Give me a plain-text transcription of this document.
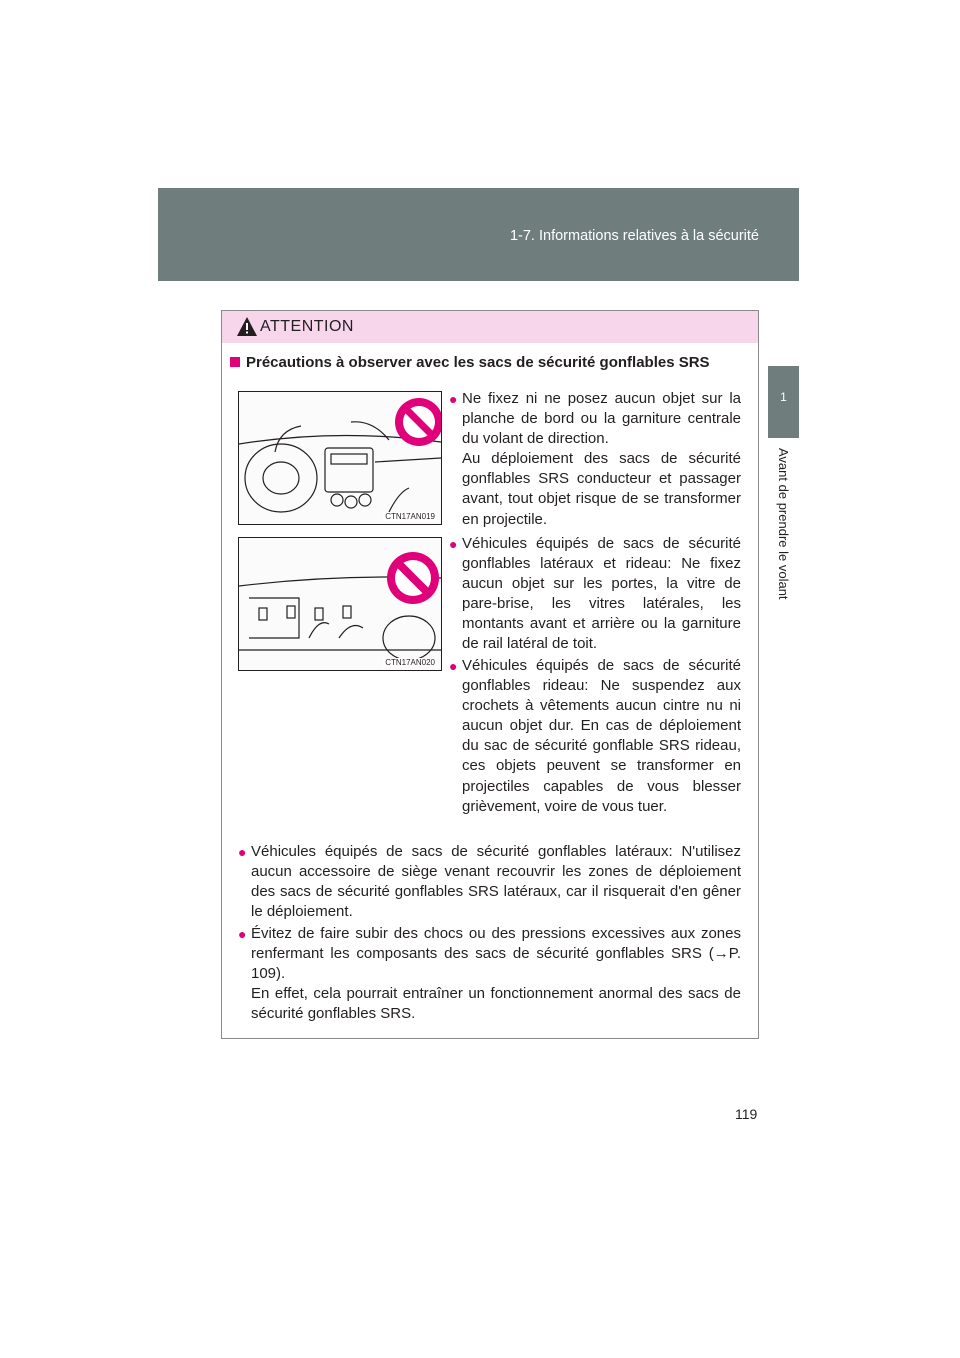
1-7. Informations relatives à la sécurité
1
Avant de prendre le volant
ATTENTION
Précautions à observer avec les sacs de sécurité gonflables SRS
CTN17AN019
CTN17AN020
● Ne fixez ni ne posez aucun objet sur la planche de bord ou la garniture centrale du volant de direction.
Au déploiement des sacs de sécurité gonflables SRS conducteur et passager avant, tout objet risque de se transformer en projectile.
● Véhicules équipés de sacs de sécurité gonflables latéraux et rideau: Ne fixez aucun objet sur les portes, la vitre de pare-brise, les vitres latérales, les montants avant et arrière ou la garniture de rail latéral de toit.
● Véhicules équipés de sacs de sécurité gonflables rideau: Ne suspendez aux crochets à vêtements aucun cintre nu ni aucun objet dur. En cas de déploiement du sac de sécurité gonflable SRS rideau, ces objets peuvent se transformer en projectiles capables de vous blesser grièvement, voire de vous tuer.
● Véhicules équipés de sacs de sécurité gonflables latéraux: N'utilisez aucun accessoire de siège venant recouvrir les zones de déploiement des sacs de sécurité gonflables SRS latéraux, car il risquerait d'en gêner le déploiement.
● Évitez de faire subir des chocs ou des pressions excessives aux zones renfermant les composants des sacs de sécurité gonflables SRS (→P. 109).
En effet, cela pourrait entraîner un fonctionnement anormal des sacs de sécurité gonflables SRS.
119
